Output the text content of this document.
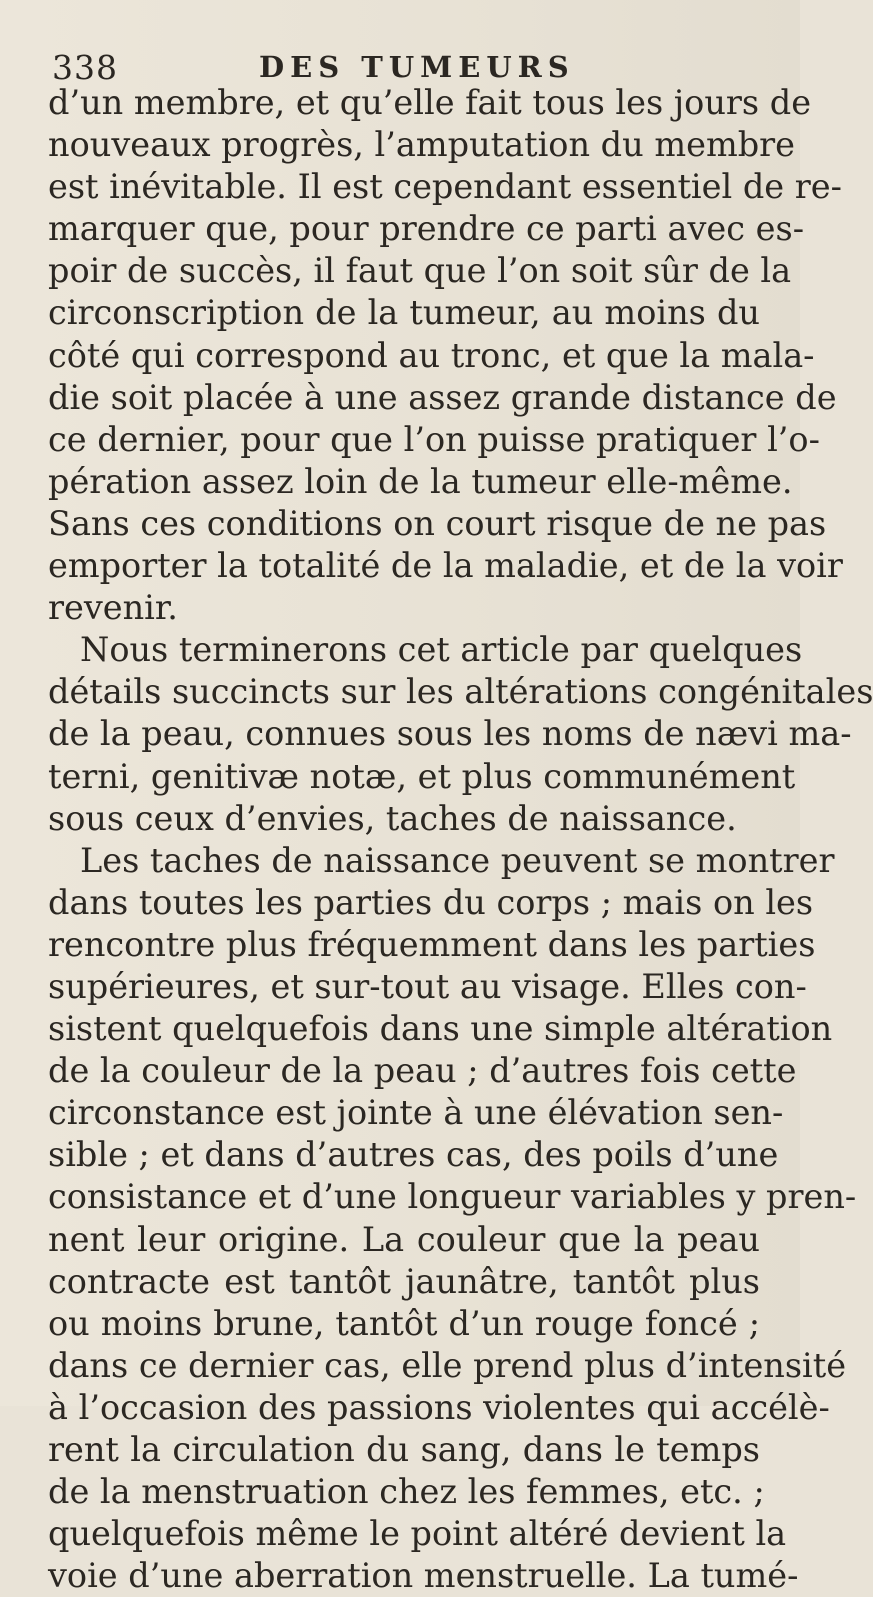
338	DES TUMEURS
d’un membre, et qu’elle fait tous les jours de
nouveaux progrès, l’amputation du membre
est inévitable. Il est cependant essentiel de re-
marquer que, pour prendre ce parti avec es-
poir de succès, il faut que l’on soit sûr de la
circonscription de la tumeur, au moins du
côté qui correspond au tronc, et que la mala-
die soit placée à une assez grande distance de
ce dernier, pour que l’on puisse pratiquer l’o-
pération assez loin de la tumeur elle-même.
Sans ces conditions on court risque de ne pas
emporter la totalité de la maladie, et de la voir
revenir.
Nous terminerons cet article par quelques
détails succincts sur les altérations congénitales
de la peau, connues sous les noms de nævi ma-
terni, genitivæ notæ, et plus communément
sous ceux d’envies, taches de naissance.
Les taches de naissance peuvent se montrer
dans toutes les parties du corps ; mais on les
rencontre plus fréquemment dans les parties
supérieures, et sur-tout au visage. Elles con-
sistent quelquefois dans une simple altération
de la couleur de la peau ; d’autres fois cette
circonstance est jointe à une élévation sen-
sible ; et dans d’autres cas, des poils d’une
consistance et d’une longueur variables y pren-
nent leur origine. La couleur que la peau
contracte est tantôt jaunâtre, tantôt plus
ou moins brune, tantôt d’un rouge foncé ;
dans ce dernier cas, elle prend plus d’intensité
à l’occasion des passions violentes qui accélè-
rent la circulation du sang, dans le temps
de la menstruation chez les femmes, etc. ;
quelquefois même le point altéré devient la
voie d’une aberration menstruelle. La tumé-
